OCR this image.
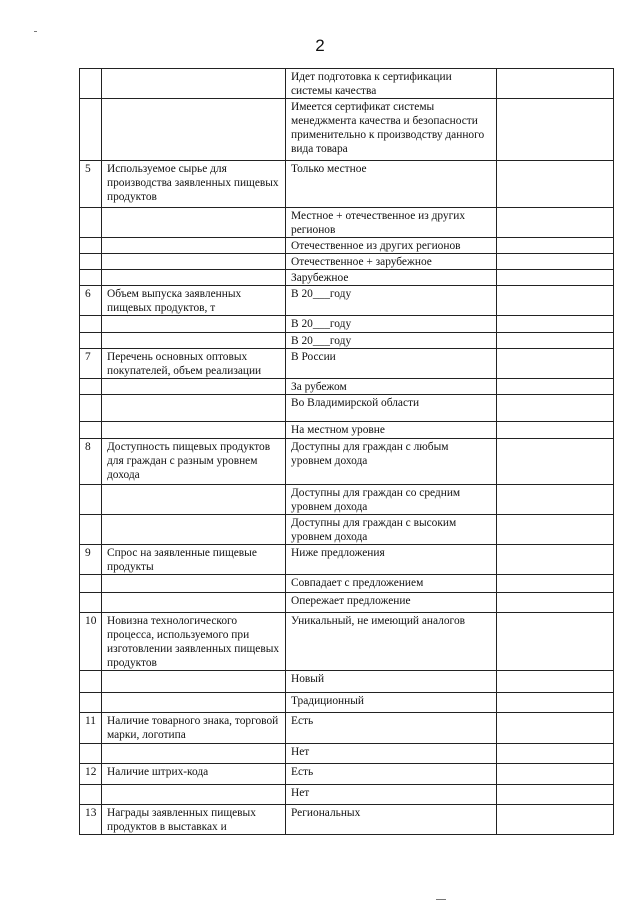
2
		Идет подготовка к сертификации системы качества	
		Имеется сертификат системы менеджмента качества и безопасности применительно к производству данного вида товара	
5	Используемое сырье для производства заявленных пищевых продуктов	Только местное	
		Местное + отечественное из других регионов	
		Отечественное из других регионов	
		Отечественное + зарубежное	
		Зарубежное	
6	Объем выпуска заявленных пищевых продуктов, т	В 20___году	
		В 20___году	
		В 20___году	
7	Перечень основных оптовых покупателей, объем реализации	В России	
		За рубежом	
		Во Владимирской области	
		На местном уровне	
8	Доступность пищевых продуктов для граждан с разным уровнем дохода	Доступны для граждан с любым уровнем дохода	
		Доступны для граждан со средним уровнем дохода	
		Доступны для граждан с высоким уровнем дохода	
9	Спрос на заявленные пищевые продукты	Ниже предложения	
		Совпадает с предложением	
		Опережает предложение	
10	Новизна технологического процесса, используемого при изготовлении заявленных пищевых продуктов	Уникальный, не имеющий аналогов	
		Новый	
		Традиционный	
11	Наличие товарного знака, торговой марки, логотипа	Есть	
		Нет	
12	Наличие штрих-кода	Есть	
		Нет	
13	Награды заявленных пищевых продуктов в выставках и	Региональных	
